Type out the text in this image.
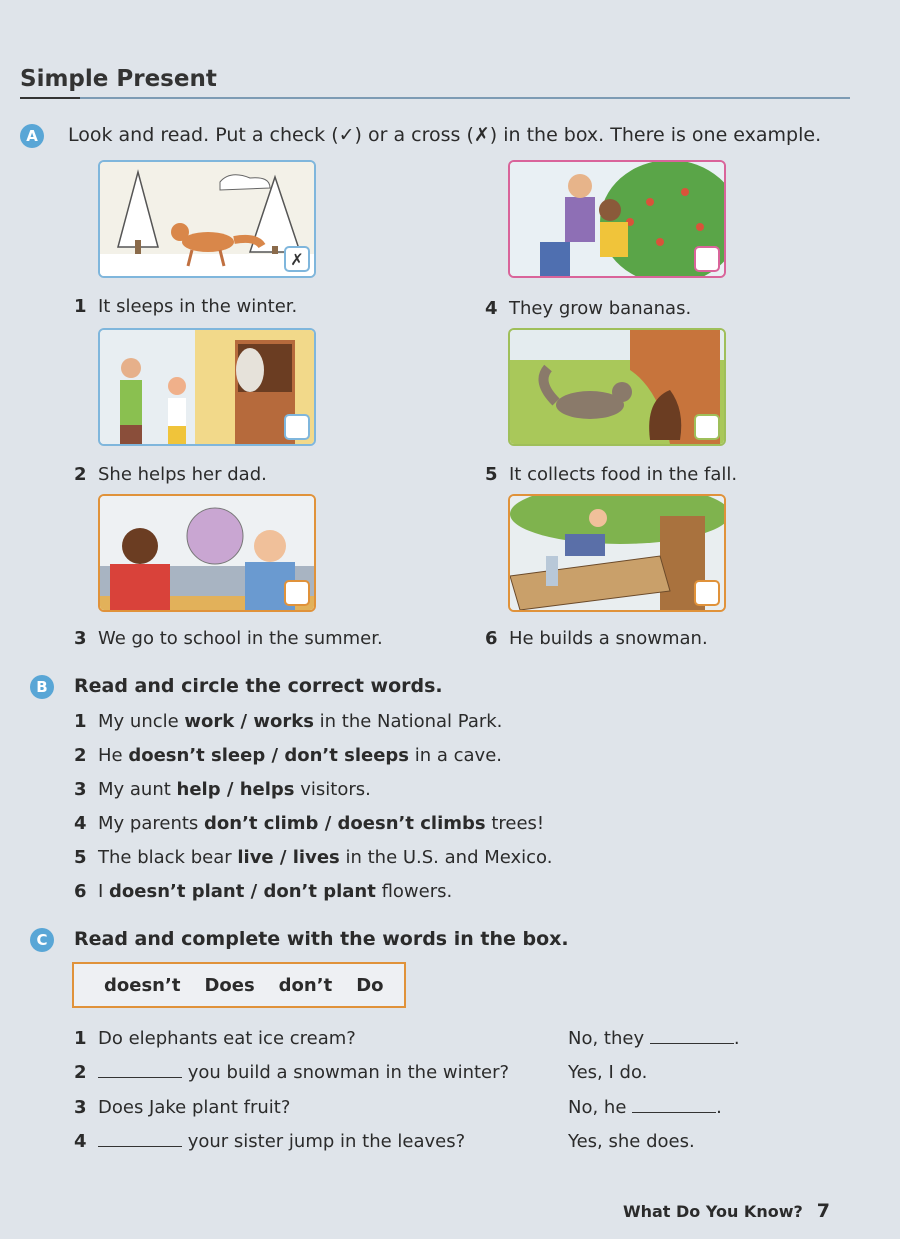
Simple Present
A	Look and read. Put a check (✓) or a cross (✗) in the box. There is one example.
✗
1 It sleeps in the winter.	4 They grow bananas.
2 She helps her dad.	5 It collects food in the fall.
3 We go to school in the summer.	6 He builds a snowman.
B	Read and circle the correct words.
1 My uncle work / works in the National Park.
2 He doesn’t sleep / don’t sleeps in a cave.
3 My aunt help / helps visitors.
4 My parents don’t climb / doesn’t climbs trees!
5 The black bear live / lives in the U.S. and Mexico.
6 I doesn’t plant / don’t plant flowers.
C	Read and complete with the words in the box.
doesn’t Does don’t Do
1 Do elephants eat ice cream?	No, they	.
2	you build a snowman in the winter?	Yes, I do.
3 Does Jake plant fruit?	No, he	.
4	your sister jump in the leaves?	Yes, she does.
What Do You Know? 7
